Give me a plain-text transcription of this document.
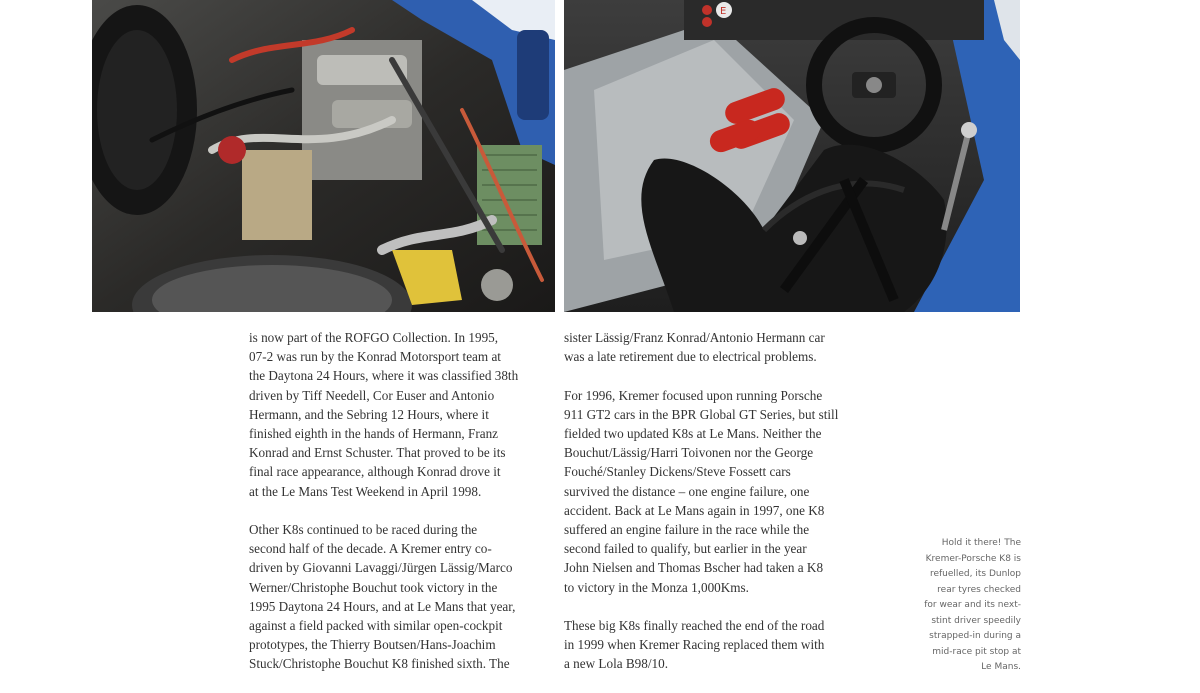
E

is now part of the ROFGO Collection. In 1995,
07-2 was run by the Konrad Motorsport team at
the Daytona 24 Hours, where it was classified 38th
driven by Tiff Needell, Cor Euser and Antonio
Hermann, and the Sebring 12 Hours, where it
finished eighth in the hands of Hermann, Franz
Konrad and Ernst Schuster. That proved to be its
final race appearance, although Konrad drove it
at the Le Mans Test Weekend in April 1998.

Other K8s continued to be raced during the
second half of the decade. A Kremer entry co-
driven by Giovanni Lavaggi/Jürgen Lässig/Marco
Werner/Christophe Bouchut took victory in the
1995 Daytona 24 Hours, and at Le Mans that year,
against a field packed with similar open-cockpit
prototypes, the Thierry Boutsen/Hans-Joachim
Stuck/Christophe Bouchut K8 finished sixth. The

sister Lässig/Franz Konrad/Antonio Hermann car
was a late retirement due to electrical problems.

For 1996, Kremer focused upon running Porsche
911 GT2 cars in the BPR Global GT Series, but still
fielded two updated K8s at Le Mans. Neither the
Bouchut/Lässig/Harri Toivonen nor the George
Fouché/Stanley Dickens/Steve Fossett cars
survived the distance – one engine failure, one
accident. Back at Le Mans again in 1997, one K8
suffered an engine failure in the race while the
second failed to qualify, but earlier in the year
John Nielsen and Thomas Bscher had taken a K8
to victory in the Monza 1,000Kms.

These big K8s finally reached the end of the road
in 1999 when Kremer Racing replaced them with
a new Lola B98/10.

Hold it there! The
Kremer-Porsche K8 is
refuelled, its Dunlop
rear tyres checked
for wear and its next-
stint driver speedily
strapped-in during a
mid-race pit stop at
Le Mans.
